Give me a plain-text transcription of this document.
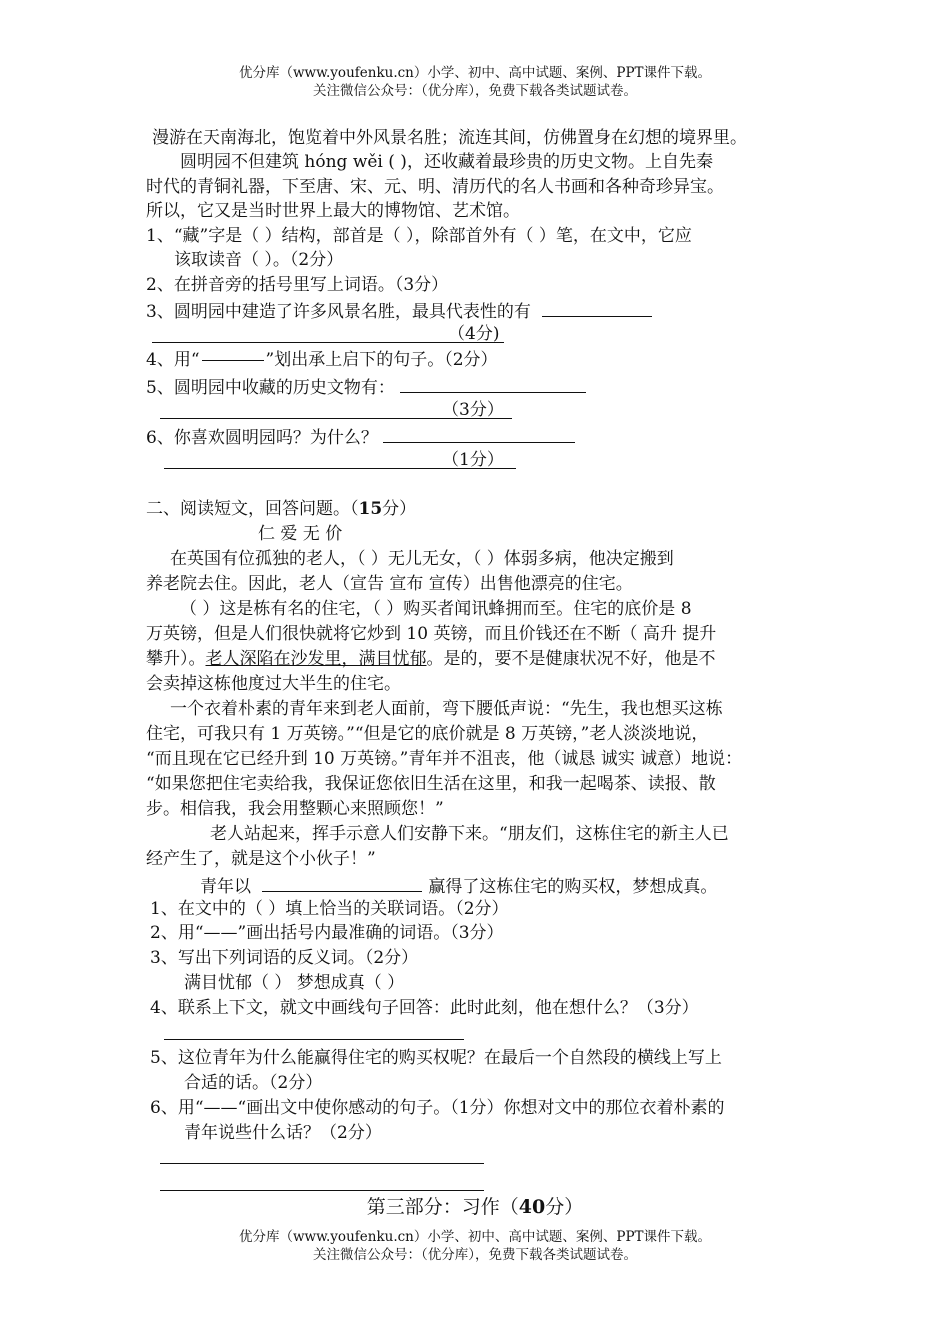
优分库（www.youfenku.cn）小学、初中、高中试题、案例、PPT课件下载。
关注微信公众号：（优分库），免费下载各类试题试卷。
漫游在天南海北，饱览着中外风景名胜；流连其间，仿佛置身在幻想的境界里。
圆明园不但建筑 hóng wěi ( )，还收藏着最珍贵的历史文物。上自先秦
时代的青铜礼器，下至唐、宋、元、明、清历代的名人书画和各种奇珍异宝。
所以，它又是当时世界上最大的博物馆、艺术馆。
1、“藏”字是（ ）结构，部首是（ ），除部首外有（ ）笔，在文中，它应
该取读音（ ）。（2分）
2、在拼音旁的括号里写上词语。（3分）
3、圆明园中建造了许多风景名胜，最具代表性的有
（4分)
4、用“	”划出承上启下的句子。（2分）
5、圆明园中收藏的历史文物有：
（3分）
6、你喜欢圆明园吗？为什么？
（1分）
二、阅读短文，回答问题。（15分）
仁 爱 无 价
在英国有位孤独的老人，（ ）无儿无女，（ ）体弱多病，他决定搬到
养老院去住。因此，老人（宣告 宣布 宣传）出售他漂亮的住宅。
（ ）这是栋有名的住宅，（ ）购买者闻讯蜂拥而至。住宅的底价是 8
万英镑，但是人们很快就将它炒到 10 英镑，而且价钱还在不断（ 高升 提升
攀升）。老人深陷在沙发里，满目忧郁。是的，要不是健康状况不好，他是不
会卖掉这栋他度过大半生的住宅。
一个衣着朴素的青年来到老人面前，弯下腰低声说：“先生，我也想买这栋
住宅，可我只有 1 万英镑。”“但是它的底价就是 8 万英镑，”老人淡淡地说，
“而且现在它已经升到 10 万英镑。”青年并不沮丧，他（诚恳 诚实 诚意）地说：
“如果您把住宅卖给我，我保证您依旧生活在这里，和我一起喝茶、读报、散
步。相信我，我会用整颗心来照顾您！”
老人站起来，挥手示意人们安静下来。“朋友们，这栋住宅的新主人已
经产生了，就是这个小伙子！”
青年以	赢得了这栋住宅的购买权，梦想成真。
1、在文中的（ ）填上恰当的关联词语。（2分）
2、用“——”画出括号内最准确的词语。（3分）
3、写出下列词语的反义词。（2分）
满目忧郁（ ） 梦想成真（ ）
4、联系上下文，就文中画线句子回答：此时此刻，他在想什么？（3分）
5、这位青年为什么能赢得住宅的购买权呢？在最后一个自然段的横线上写上
合适的话。（2分）
6、用“——“画出文中使你感动的句子。（1分）你想对文中的那位衣着朴素的
青年说些什么话？（2分）
第三部分：习作（40分）
优分库（www.youfenku.cn）小学、初中、高中试题、案例、PPT课件下载。
关注微信公众号：（优分库），免费下载各类试题试卷。
